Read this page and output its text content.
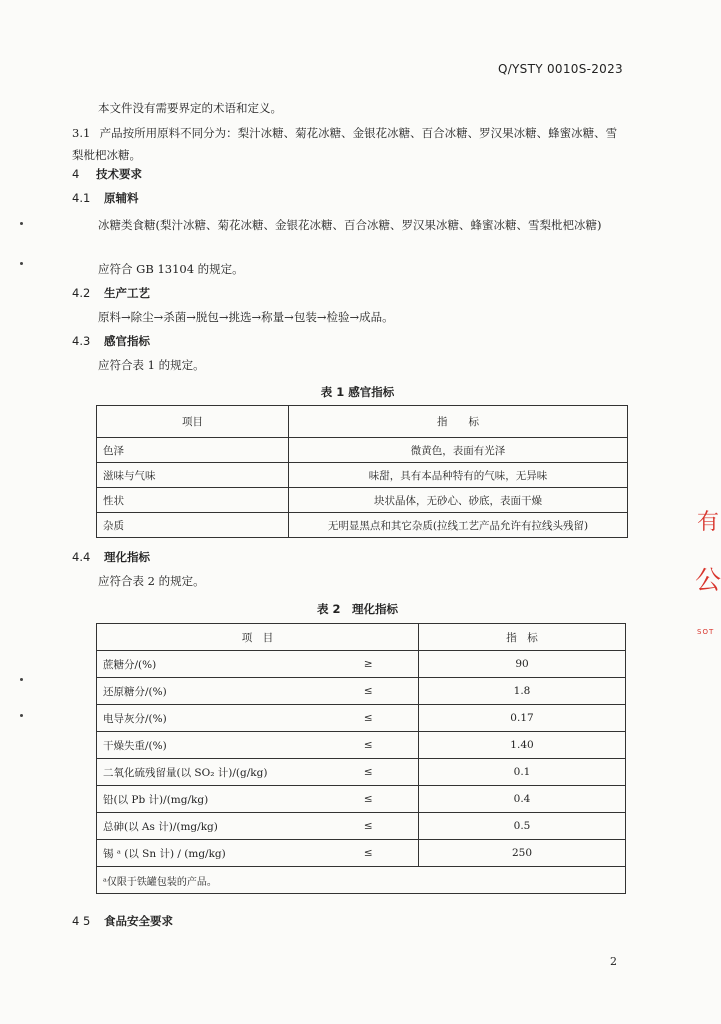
Q/YSTY 0010S-2023
本文件没有需要界定的术语和定义。
3.1 产品按所用原料不同分为：梨汁冰糖、菊花冰糖、金银花冰糖、百合冰糖、罗汉果冰糖、蜂蜜冰糖、雪梨枇杷冰糖。
4 技术要求
4.1 原辅料
冰糖类食糖(梨汁冰糖、菊花冰糖、金银花冰糖、百合冰糖、罗汉果冰糖、蜂蜜冰糖、雪梨枇杷冰糖)
应符合 GB 13104 的规定。
4.2 生产工艺
原料→除尘→杀菌→脱包→挑选→称量→包装→检验→成品。
4.3 感官指标
应符合表 1 的规定。
表 1 感官指标
项目	指　　标
色泽	微黄色，表面有光泽
滋味与气味	味甜，具有本品种特有的气味，无异味
性状	块状晶体，无砂心、砂底，表面干燥
杂质	无明显黑点和其它杂质(拉线工艺产品允许有拉线头残留)
4.4 理化指标
应符合表 2 的规定。
表 2　理化指标
项　目		指　标
蔗糖分/(%)	≥	90
还原糖分/(%)	≤	1.8
电导灰分/(%)	≤	0.17
干燥失重/(%)	≤	1.40
二氧化硫残留量(以 SO₂ 计)/(g/kg)	≤	0.1
铅(以 Pb 计)/(mg/kg)	≤	0.4
总砷(以 As 计)/(mg/kg)	≤	0.5
锡 ᵃ (以 Sn 计) / (mg/kg)	≤	250
ᵃ仅限于铁罐包装的产品。		
4 5 食品安全要求
2
有
公
SOT
